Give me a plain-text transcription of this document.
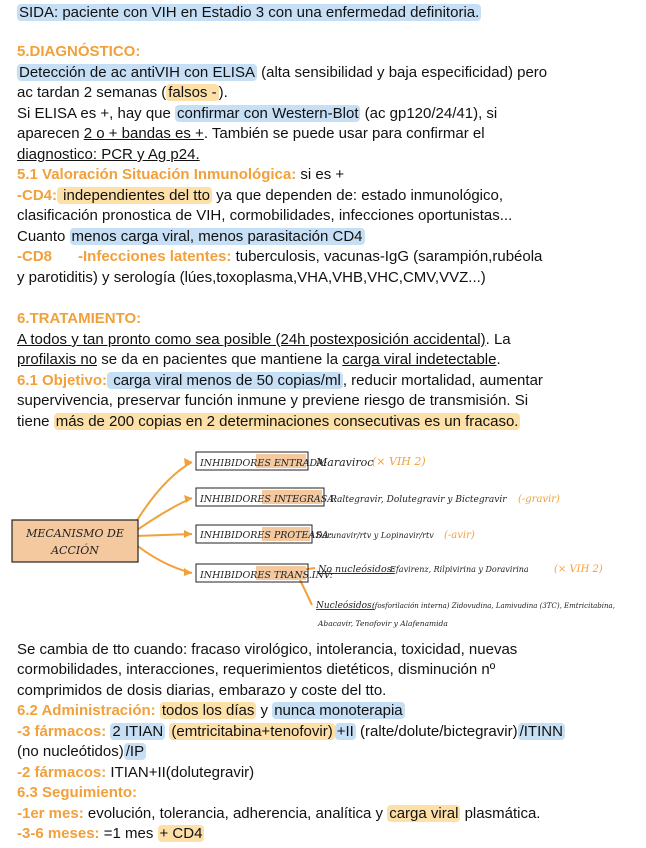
SIDA: paciente con VIH en Estadio 3 con una enfermedad definitoria.
5.DIAGNÓSTICO:
Detección de ac antiVIH con ELISA (alta sensibilidad y baja especificidad) pero
ac tardan 2 semanas ( falsos - ).
Si ELISA es +, hay que confirmar con Western-Blot (ac gp120/24/41), si
aparecen 2 o + bandas es +. También se puede usar para confirmar el
diagnostico: PCR y Ag p24.
5.1 Valoración Situación Inmunológica: si es +
-CD4: independientes del tto ya que dependen de: estado inmunológico,
clasificación pronostica de VIH, cormobilidades, infecciones oportunistas...
Cuanto menos carga viral, menos parasitación CD4
-CD8 -Infecciones latentes: tuberculosis, vacunas-IgG (sarampión,rubéola
y parotiditis) y serología (lúes,toxoplasma,VHA,VHB,VHC,CMV,VVZ...)
6.TRATAMIENTO:
A todos y tan pronto como sea posible (24h postexposición accidental). La
profilaxis no se da en pacientes que mantiene la carga viral indetectable.
6.1 Objetivo: carga viral menos de 50 copias/ml , reducir mortalidad, aumentar
supervivencia, preservar función inmune y previene riesgo de transmisión. Si
tiene más de 200 copias en 2 determinaciones consecutivas es un fracaso.
MECANISMO DE
ACCIÓN
INHIBIDORES ENTRADA:
Maraviroc
(× VIH 2)
INHIBIDORES INTEGRASA:
Raltegravir, Dolutegravir y Bictegravir (-gravir)
INHIBIDORES PROTEASA:
Darunavir/rtv y Lopinavir/rtv (-avir)
INHIBIDORES TRANS.INV:
No nucleósidos:
Efavirenz, Rilpivirina y Doravirina	(× VIH 2)
Nucleósidos:
(fosforilación interna) Zidovudina, Lamivudina (3TC), Emtricitabina,
Abacavir, Tenofovir y Alafenamida
Se cambia de tto cuando: fracaso virológico, intolerancia, toxicidad, nuevas
cormobilidades, interacciones, requerimientos dietéticos, disminución nº
comprimidos de dosis diarias, embarazo y coste del tto.
6.2 Administración: todos los días y nunca monoterapia
-3 fármacos: 2 ITIAN (emtricitabina+tenofovir) +II (ralte/dolute/bictegravir) /ITINN
(no nucleótidos) /IP
-2 fármacos: ITIAN+II(dolutegravir)
6.3 Seguimiento:
-1er mes: evolución, tolerancia, adherencia, analítica y carga viral plasmática.
-3-6 meses: =1 mes + CD4
